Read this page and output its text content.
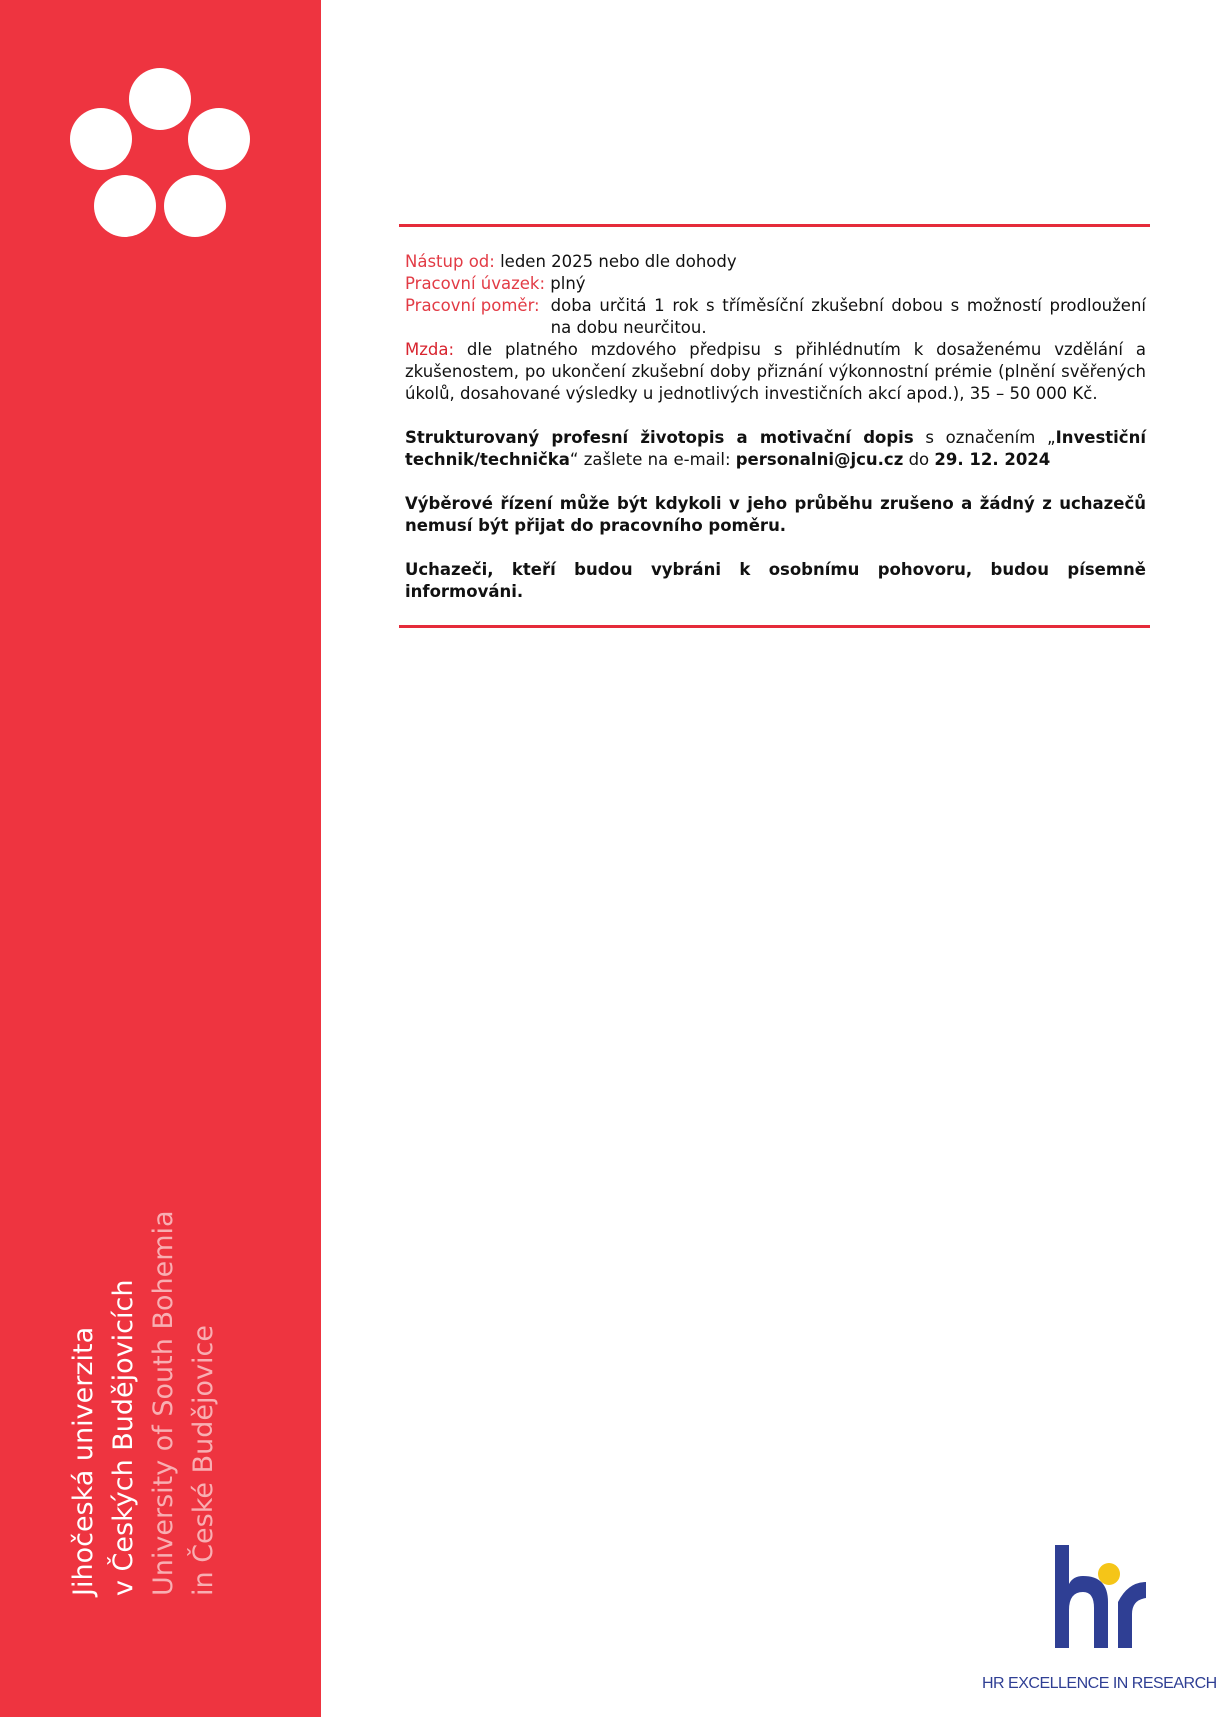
Jihočeská univerzita v Českých Budějovicích University of South Bohemia in České Budějovice

Nástup od: leden 2025 nebo dle dohody

Pracovní úvazek: plný

Pracovní poměr: doba určitá 1 rok s tříměsíční zkušební dobou s možností prodloužení na dobu neurčitou.

Mzda: dle platného mzdového předpisu s přihlédnutím k dosaženému vzdělání a zkušenostem, po ukončení zkušební doby přiznání výkonnostní prémie (plnění svěřených úkolů, dosahované výsledky u jednotlivých investičních akcí apod.), 35 – 50 000 Kč.

Strukturovaný profesní životopis a motivační dopis s označením „Investiční technik/technička“ zašlete na e-mail: personalni@jcu.cz do 29. 12. 2024

Výběrové řízení může být kdykoli v jeho průběhu zrušeno a žádný z uchazečů nemusí být přijat do pracovního poměru.

Uchazeči, kteří budou vybráni k osobnímu pohovoru, budou písemně informováni.

HR EXCELLENCE IN RESEARCH
